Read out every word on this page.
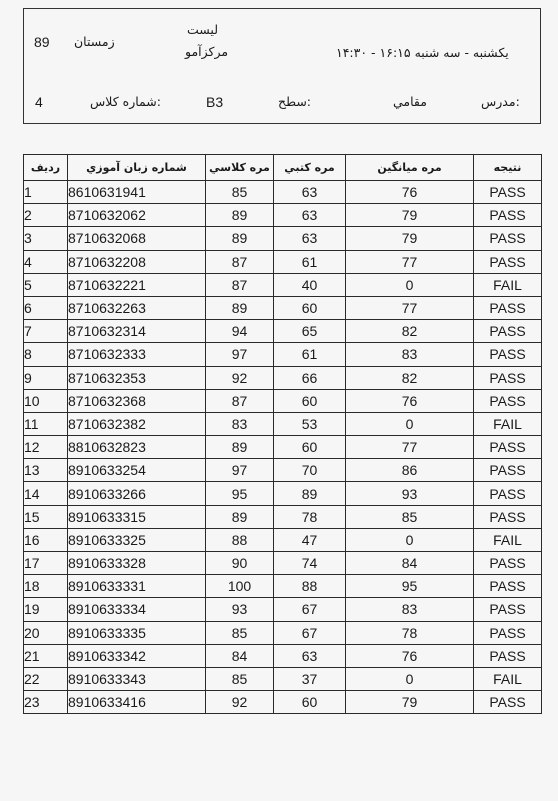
89 زمستان
لیست
مرکزآمو	یکشنبه - سه شنبه ۱۶:۱۵ - ۱۴:۳۰
4	شماره کلاس:	B3	سطح:	مقامي	مدرس:
نتيجه	مره ميانگين	مره كتبي	مره كلاسي	شماره زبان آموزي	ردیف
PASS	76	63	85	8610631941	1
PASS	79	63	89	8710632062	2
PASS	79	63	89	8710632068	3
PASS	77	61	87	8710632208	4
FAIL	0	40	87	8710632221	5
PASS	77	60	89	8710632263	6
PASS	82	65	94	8710632314	7
PASS	83	61	97	8710632333	8
PASS	82	66	92	8710632353	9
PASS	76	60	87	8710632368	10
FAIL	0	53	83	8710632382	11
PASS	77	60	89	8810632823	12
PASS	86	70	97	8910633254	13
PASS	93	89	95	8910633266	14
PASS	85	78	89	8910633315	15
FAIL	0	47	88	8910633325	16
PASS	84	74	90	8910633328	17
PASS	95	88	100	8910633331	18
PASS	83	67	93	8910633334	19
PASS	78	67	85	8910633335	20
PASS	76	63	84	8910633342	21
FAIL	0	37	85	8910633343	22
PASS	79	60	92	8910633416	23
